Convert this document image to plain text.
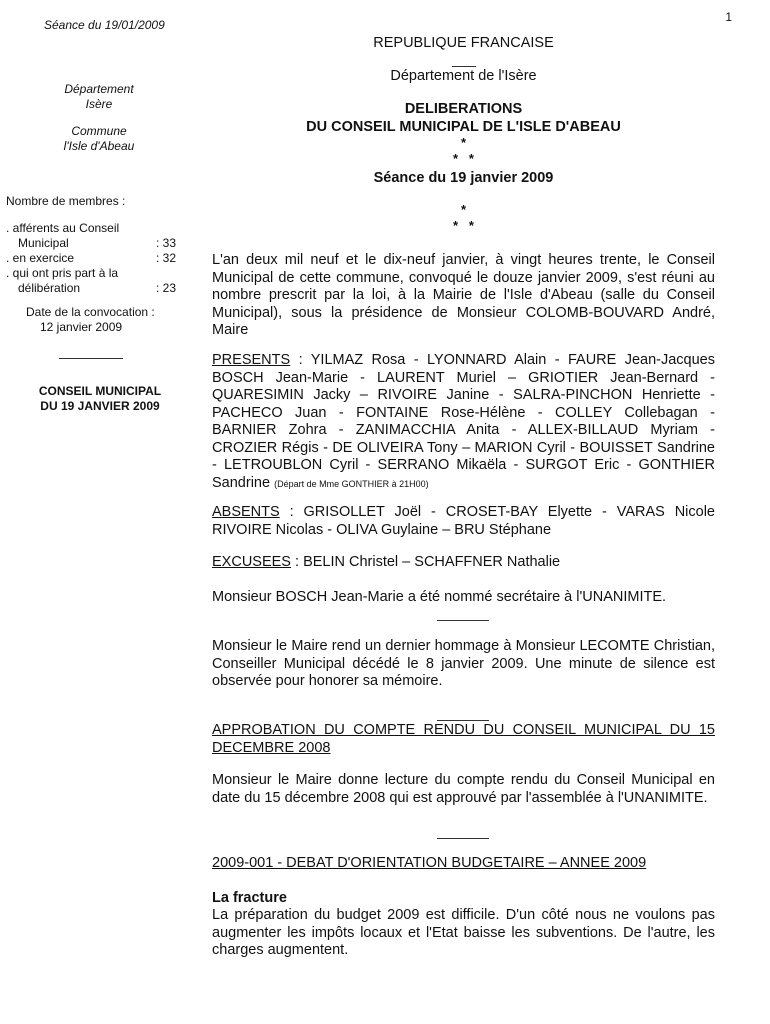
1
Séance du 19/01/2009
Département
Isère
Commune
l'Isle d'Abeau
Nombre de membres :
. afférents au Conseil
Municipal	: 33
. en exercice	: 32
. qui ont pris part à la
délibération	: 23
Date de la convocation :
12 janvier 2009
CONSEIL MUNICIPAL
DU 19 JANVIER 2009
REPUBLIQUE FRANCAISE
Département de l'Isère
DELIBERATIONS
DU CONSEIL MUNICIPAL DE L'ISLE D'ABEAU
*
*   *
Séance du 19 janvier 2009
*
*   *
L'an deux mil neuf et le dix-neuf janvier, à vingt heures trente, le Conseil Municipal de cette commune, convoqué le douze janvier 2009, s'est réuni au nombre prescrit par la loi, à la Mairie de l'Isle d'Abeau (salle du Conseil Municipal), sous la présidence de Monsieur COLOMB-BOUVARD André, Maire
PRESENTS : YILMAZ Rosa - LYONNARD Alain - FAURE Jean-Jacques BOSCH Jean-Marie - LAURENT Muriel – GRIOTIER Jean-Bernard - QUARESIMIN Jacky – RIVOIRE Janine - SALRA-PINCHON Henriette - PACHECO Juan - FONTAINE Rose-Hélène - COLLEY Collebagan - BARNIER Zohra - ZANIMACCHIA Anita - ALLEX-BILLAUD Myriam - CROZIER Régis - DE OLIVEIRA Tony – MARION Cyril - BOUISSET Sandrine - LETROUBLON Cyril - SERRANO Mikaëla - SURGOT Eric - GONTHIER Sandrine (Départ de Mme GONTHIER à 21H00)
ABSENTS : GRISOLLET Joël - CROSET-BAY Elyette - VARAS Nicole RIVOIRE Nicolas - OLIVA Guylaine – BRU Stéphane
EXCUSEES : BELIN Christel – SCHAFFNER Nathalie
Monsieur BOSCH Jean-Marie a été nommé secrétaire à l'UNANIMITE.
Monsieur le Maire rend un dernier hommage à Monsieur LECOMTE Christian, Conseiller Municipal décédé le 8 janvier 2009. Une minute de silence est observée pour honorer sa mémoire.
APPROBATION DU COMPTE RENDU DU CONSEIL MUNICIPAL DU 15 DECEMBRE 2008
Monsieur le Maire donne lecture du compte rendu du Conseil Municipal en date du 15 décembre 2008 qui est approuvé par l'assemblée à l'UNANIMITE.
2009-001 - DEBAT D'ORIENTATION BUDGETAIRE – ANNEE 2009
La fracture
La préparation du budget 2009 est difficile. D'un côté nous ne voulons pas augmenter les impôts locaux et l'Etat baisse les subventions. De l'autre, les charges augmentent.
